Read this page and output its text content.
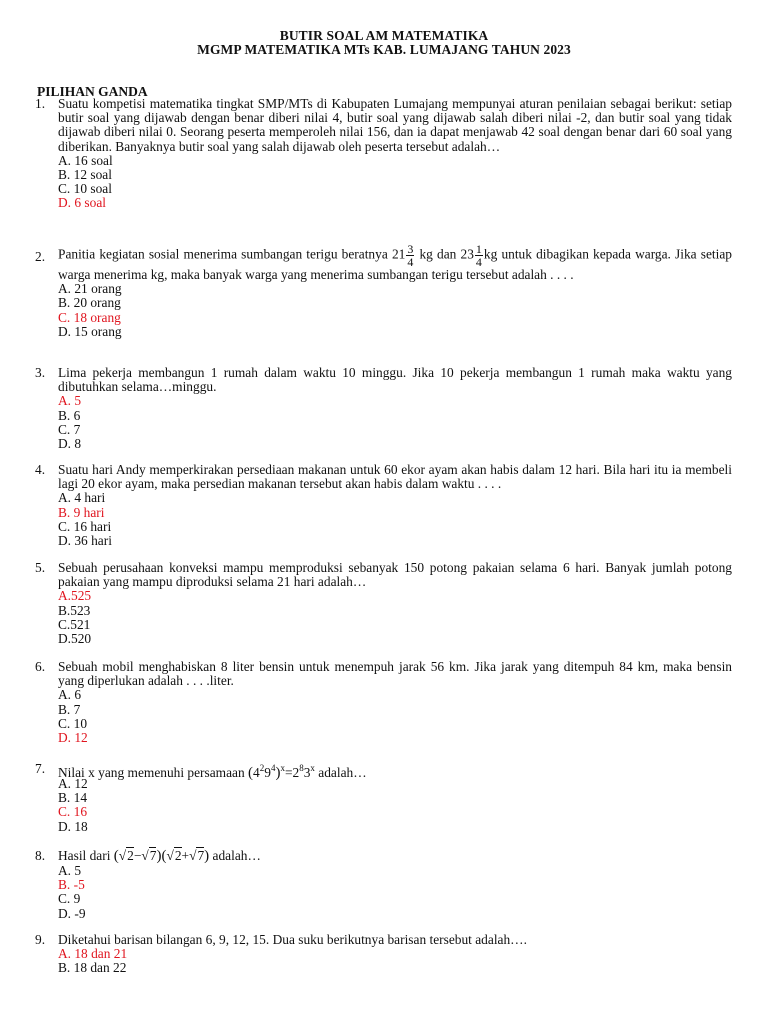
BUTIR SOAL AM MATEMATIKA
MGMP MATEMATIKA MTs KAB. LUMAJANG TAHUN 2023
PILIHAN GANDA
1. Suatu kompetisi matematika tingkat SMP/MTs di Kabupaten Lumajang mempunyai aturan penilaian sebagai berikut: setiap butir soal yang dijawab dengan benar diberi nilai 4, butir soal yang dijawab salah diberi nilai -2, dan butir soal yang tidak dijawab diberi nilai 0. Seorang peserta memperoleh nilai 156, dan ia dapat menjawab 42 soal dengan benar dari 60 soal yang diberikan. Banyaknya butir soal yang salah dijawab oleh peserta tersebut adalah…
A. 16 soal
B. 12 soal
C. 10 soal
D. 6 soal
2. Panitia kegiatan sosial menerima sumbangan terigu beratnya $21 \frac{3}{4}$ kg dan $23 \frac{1}{4}$ kg untuk dibagikan kepada warga. Jika setiap warga menerima kg, maka banyak warga yang menerima sumbangan terigu tersebut adalah . . . .
A. 21 orang
B. 20 orang
C. 18 orang
D. 15 orang
3. Lima pekerja membangun 1 rumah dalam waktu 10 minggu. Jika 10 pekerja membangun 1 rumah maka waktu yang dibutuhkan selama…minggu.
A. 5
B. 6
C. 7
D. 8
4. Suatu hari Andy memperkirakan persediaan makanan untuk 60 ekor ayam akan habis dalam 12 hari. Bila hari itu ia membeli lagi 20 ekor ayam, maka persedian makanan tersebut akan habis dalam waktu . . . .
A. 4 hari
B. 9 hari
C. 16 hari
D. 36 hari
5. Sebuah perusahaan konveksi mampu memproduksi sebanyak 150 potong pakaian selama 6 hari. Banyak jumlah potong pakaian yang mampu diproduksi selama 21 hari adalah…
A.525
B.523
C.521
D.520
6. Sebuah mobil menghabiskan 8 liter bensin untuk menempuh jarak 56 km. Jika jarak yang ditempuh 84 km, maka bensin yang diperlukan adalah . . . .liter.
A. 6
B. 7
C. 10
D. 12
7. Nilai x yang memenuhi persamaan $(4^29^4)^x=2^83^x$ adalah…
A. 12
B. 14
C. 16
D. 18
8. Hasil dari (√2−√7)(√2+√7) adalah…
A. 5
B. -5
C. 9
D. -9
9. Diketahui barisan bilangan 6, 9, 12, 15. Dua suku berikutnya barisan tersebut adalah….
A. 18 dan 21
B. 18 dan 22
